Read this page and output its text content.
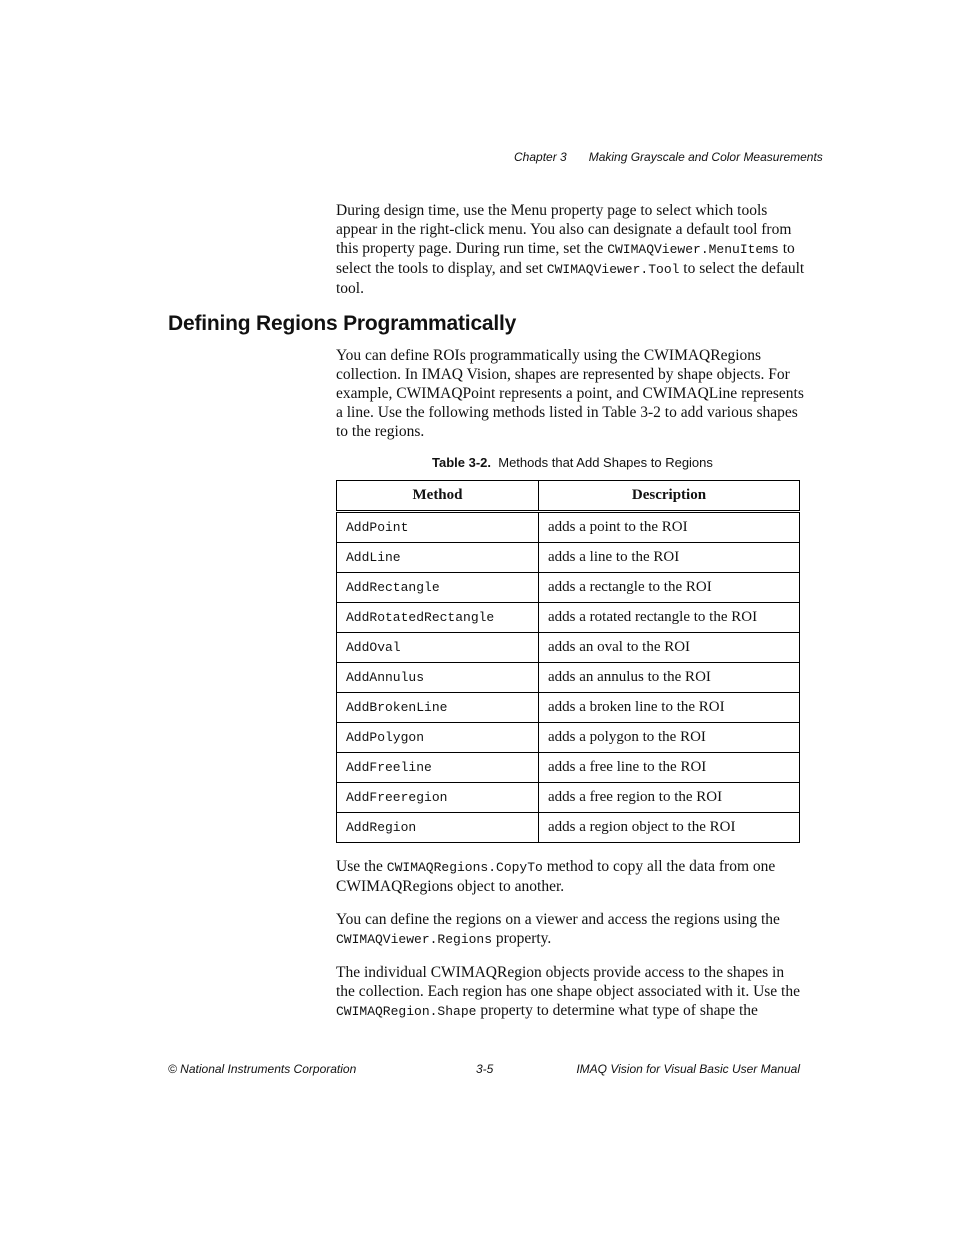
Chapter 3 Making Grayscale and Color Measurements

During design time, use the Menu property page to select which tools appear in the right-click menu. You also can designate a default tool from this property page. During run time, set the CWIMAQViewer.MenuItems to select the tools to display, and set CWIMAQViewer.Tool to select the default tool.

Defining Regions Programmatically

You can define ROIs programmatically using the CWIMAQRegions collection. In IMAQ Vision, shapes are represented by shape objects. For example, CWIMAQPoint represents a point, and CWIMAQLine represents a line. Use the following methods listed in Table 3-2 to add various shapes to the regions.

Table 3-2. Methods that Add Shapes to Regions
Method	Description
AddPoint	adds a point to the ROI
AddLine	adds a line to the ROI
AddRectangle	adds a rectangle to the ROI
AddRotatedRectangle	adds a rotated rectangle to the ROI
AddOval	adds an oval to the ROI
AddAnnulus	adds an annulus to the ROI
AddBrokenLine	adds a broken line to the ROI
AddPolygon	adds a polygon to the ROI
AddFreeline	adds a free line to the ROI
AddFreeregion	adds a free region to the ROI
AddRegion	adds a region object to the ROI

Use the CWIMAQRegions.CopyTo method to copy all the data from one CWIMAQRegions object to another.

You can define the regions on a viewer and access the regions using the CWIMAQViewer.Regions property.

The individual CWIMAQRegion objects provide access to the shapes in the collection. Each region has one shape object associated with it. Use the CWIMAQRegion.Shape property to determine what type of shape the

© National Instruments Corporation	3-5	IMAQ Vision for Visual Basic User Manual
